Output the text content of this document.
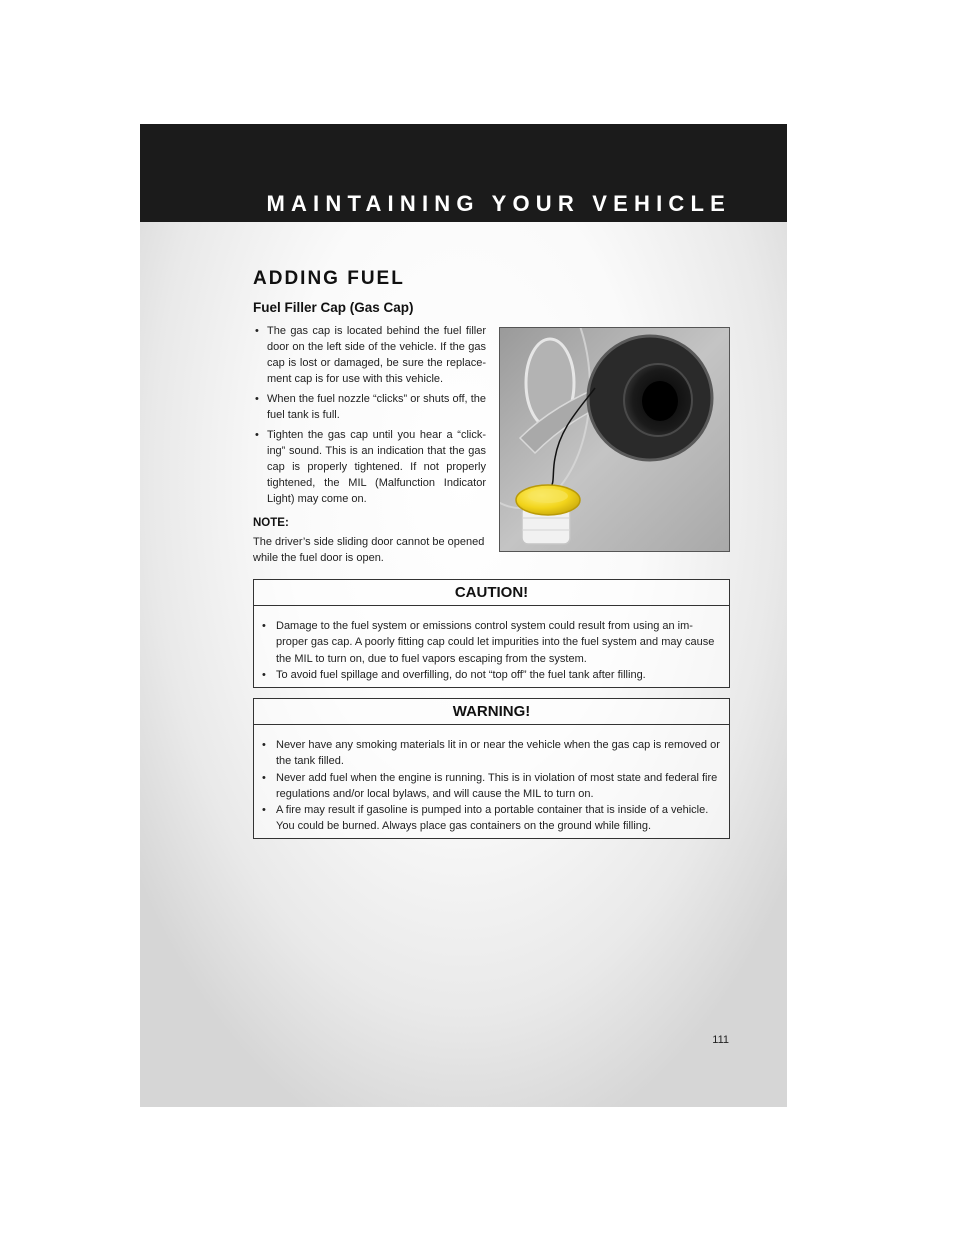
MAINTAINING YOUR VEHICLE
ADDING FUEL
Fuel Filler Cap (Gas Cap)
• The gas cap is located behind the fuel filler door on the left side of the vehicle. If the gas cap is lost or damaged, be sure the replace-ment cap is for use with this vehicle.
• When the fuel nozzle “clicks” or shuts off, the fuel tank is full.
• Tighten the gas cap until you hear a “click-ing” sound. This is an indication that the gas cap is properly tightened. If not properly tightened, the MIL (Malfunction Indicator Light) may come on.
NOTE:
The driver’s side sliding door cannot be opened while the fuel door is open.
CAUTION!
• Damage to the fuel system or emissions control system could result from using an im-proper gas cap. A poorly fitting cap could let impurities into the fuel system and may cause the MIL to turn on, due to fuel vapors escaping from the system.
• To avoid fuel spillage and overfilling, do not “top off” the fuel tank after filling.
WARNING!
• Never have any smoking materials lit in or near the vehicle when the gas cap is removed or the tank filled.
• Never add fuel when the engine is running. This is in violation of most state and federal fire regulations and/or local bylaws, and will cause the MIL to turn on.
• A fire may result if gasoline is pumped into a portable container that is inside of a vehicle. You could be burned. Always place gas containers on the ground while filling.
111
